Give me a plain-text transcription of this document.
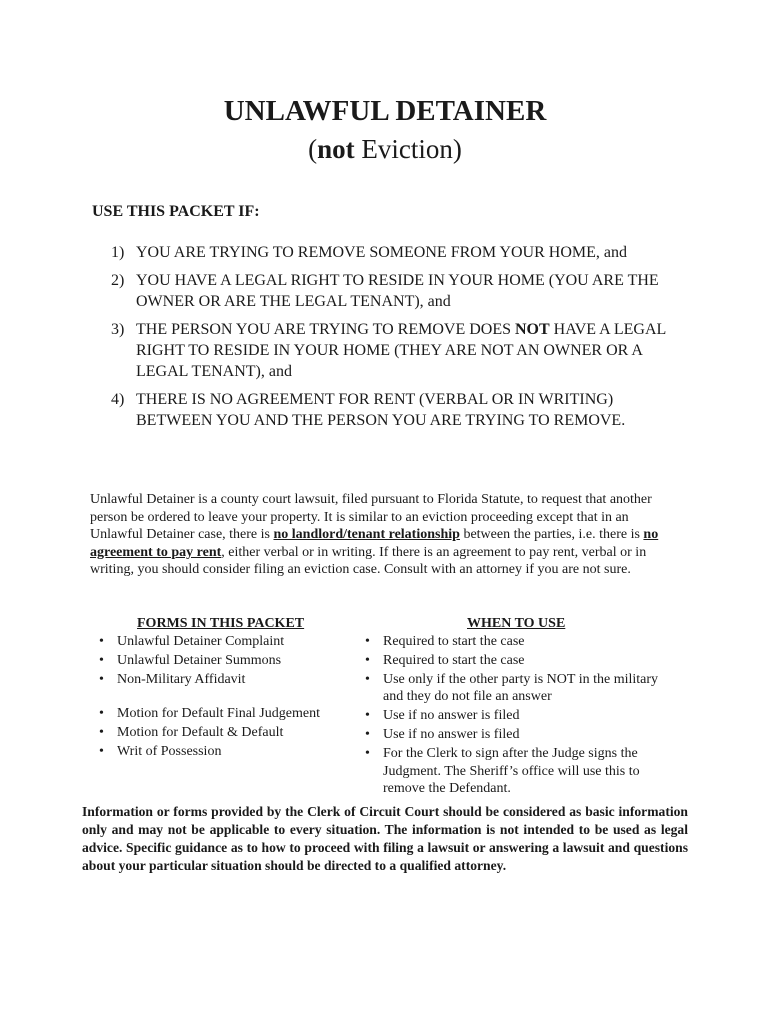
UNLAWFUL DETAINER
(not Eviction)
USE THIS PACKET IF:
1) YOU ARE TRYING TO REMOVE SOMEONE FROM YOUR HOME, and
2) YOU HAVE A LEGAL RIGHT TO RESIDE IN YOUR HOME (YOU ARE THE OWNER OR ARE THE LEGAL TENANT), and
3) THE PERSON YOU ARE TRYING TO REMOVE DOES NOT HAVE A LEGAL RIGHT TO RESIDE IN YOUR HOME (THEY ARE NOT AN OWNER OR A LEGAL TENANT), and
4) THERE IS NO AGREEMENT FOR RENT (VERBAL OR IN WRITING) BETWEEN YOU AND THE PERSON YOU ARE TRYING TO REMOVE.

Unlawful Detainer is a county court lawsuit, filed pursuant to Florida Statute, to request that another person be ordered to leave your property. It is similar to an eviction proceeding except that in an Unlawful Detainer case, there is no landlord/tenant relationship between the parties, i.e. there is no agreement to pay rent, either verbal or in writing. If there is an agreement to pay rent, verbal or in writing, you should consider filing an eviction case. Consult with an attorney if you are not sure.

FORMS IN THIS PACKET	WHEN TO USE
• Unlawful Detainer Complaint
• Unlawful Detainer Summons
• Non-Military Affidavit
• Motion for Default Final Judgement
• Motion for Default & Default
• Writ of Possession
• Required to start the case
• Required to start the case
• Use only if the other party is NOT in the military and they do not file an answer
• Use if no answer is filed
• Use if no answer is filed
• For the Clerk to sign after the Judge signs the Judgment. The Sheriff’s office will use this to remove the Defendant.

Information or forms provided by the Clerk of Circuit Court should be considered as basic information only and may not be applicable to every situation. The information is not intended to be used as legal advice. Specific guidance as to how to proceed with filing a lawsuit or answering a lawsuit and questions about your particular situation should be directed to a qualified attorney.
